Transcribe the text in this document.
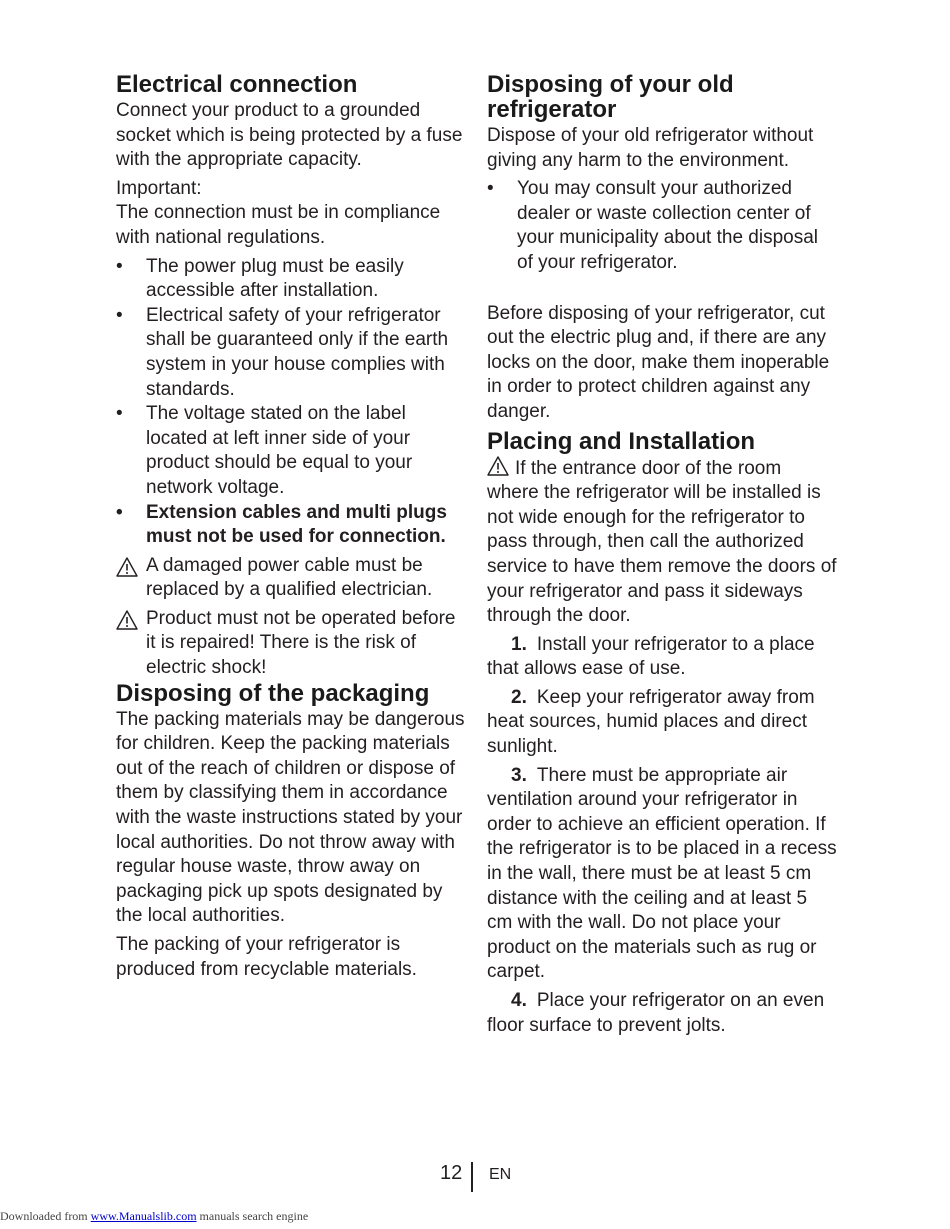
Electrical connection

Connect your product to a grounded socket which is being protected by a fuse with the appropriate capacity.

Important:

The connection must be in compliance with national regulations.

• The power plug must be easily accessible after installation.
• Electrical safety of your refrigerator shall be guaranteed only if the earth system in your house complies with standards.
• The voltage stated on the label located at left inner side of your product should be equal to your network voltage.
• Extension cables and multi plugs must not be used for connection.
A damaged power cable must be replaced by a qualified electrician.
Product must not be operated before it is repaired! There is the risk of electric shock!
Disposing of the packaging

The packing materials may be dangerous for children. Keep the packing materials out of the reach of children or dispose of them by classifying them in accordance with the waste instructions stated by your local authorities. Do not throw away with regular house waste, throw away on packaging pick up spots designated by the local authorities.

The packing of your refrigerator is produced from recyclable materials.

Disposing of your old refrigerator

Dispose of your old refrigerator without giving any harm to the environment.

• You may consult your authorized dealer or waste collection center of your municipality about the disposal of your refrigerator.

Before disposing of your refrigerator, cut out the electric plug and, if there are any locks on the door, make them inoperable in order to protect children against any danger.

Placing and Installation

If the entrance door of the room where the refrigerator will be installed is not wide enough for the refrigerator to pass through, then call the authorized service to have them remove the doors of your refrigerator and pass it sideways through the door.

1. Install your refrigerator to a place that allows ease of use.

2. Keep your refrigerator away from heat sources, humid places and direct sunlight.

3. There must be appropriate air ventilation around your refrigerator in order to achieve an efficient operation. If the refrigerator is to be placed in a recess in the wall, there must be at least 5 cm distance with the ceiling and at least 5 cm with the wall. Do not place your product on the materials such as rug or carpet.

4. Place your refrigerator on an even floor surface to prevent jolts.

12 EN
Downloaded from www.Manualslib.com manuals search engine
